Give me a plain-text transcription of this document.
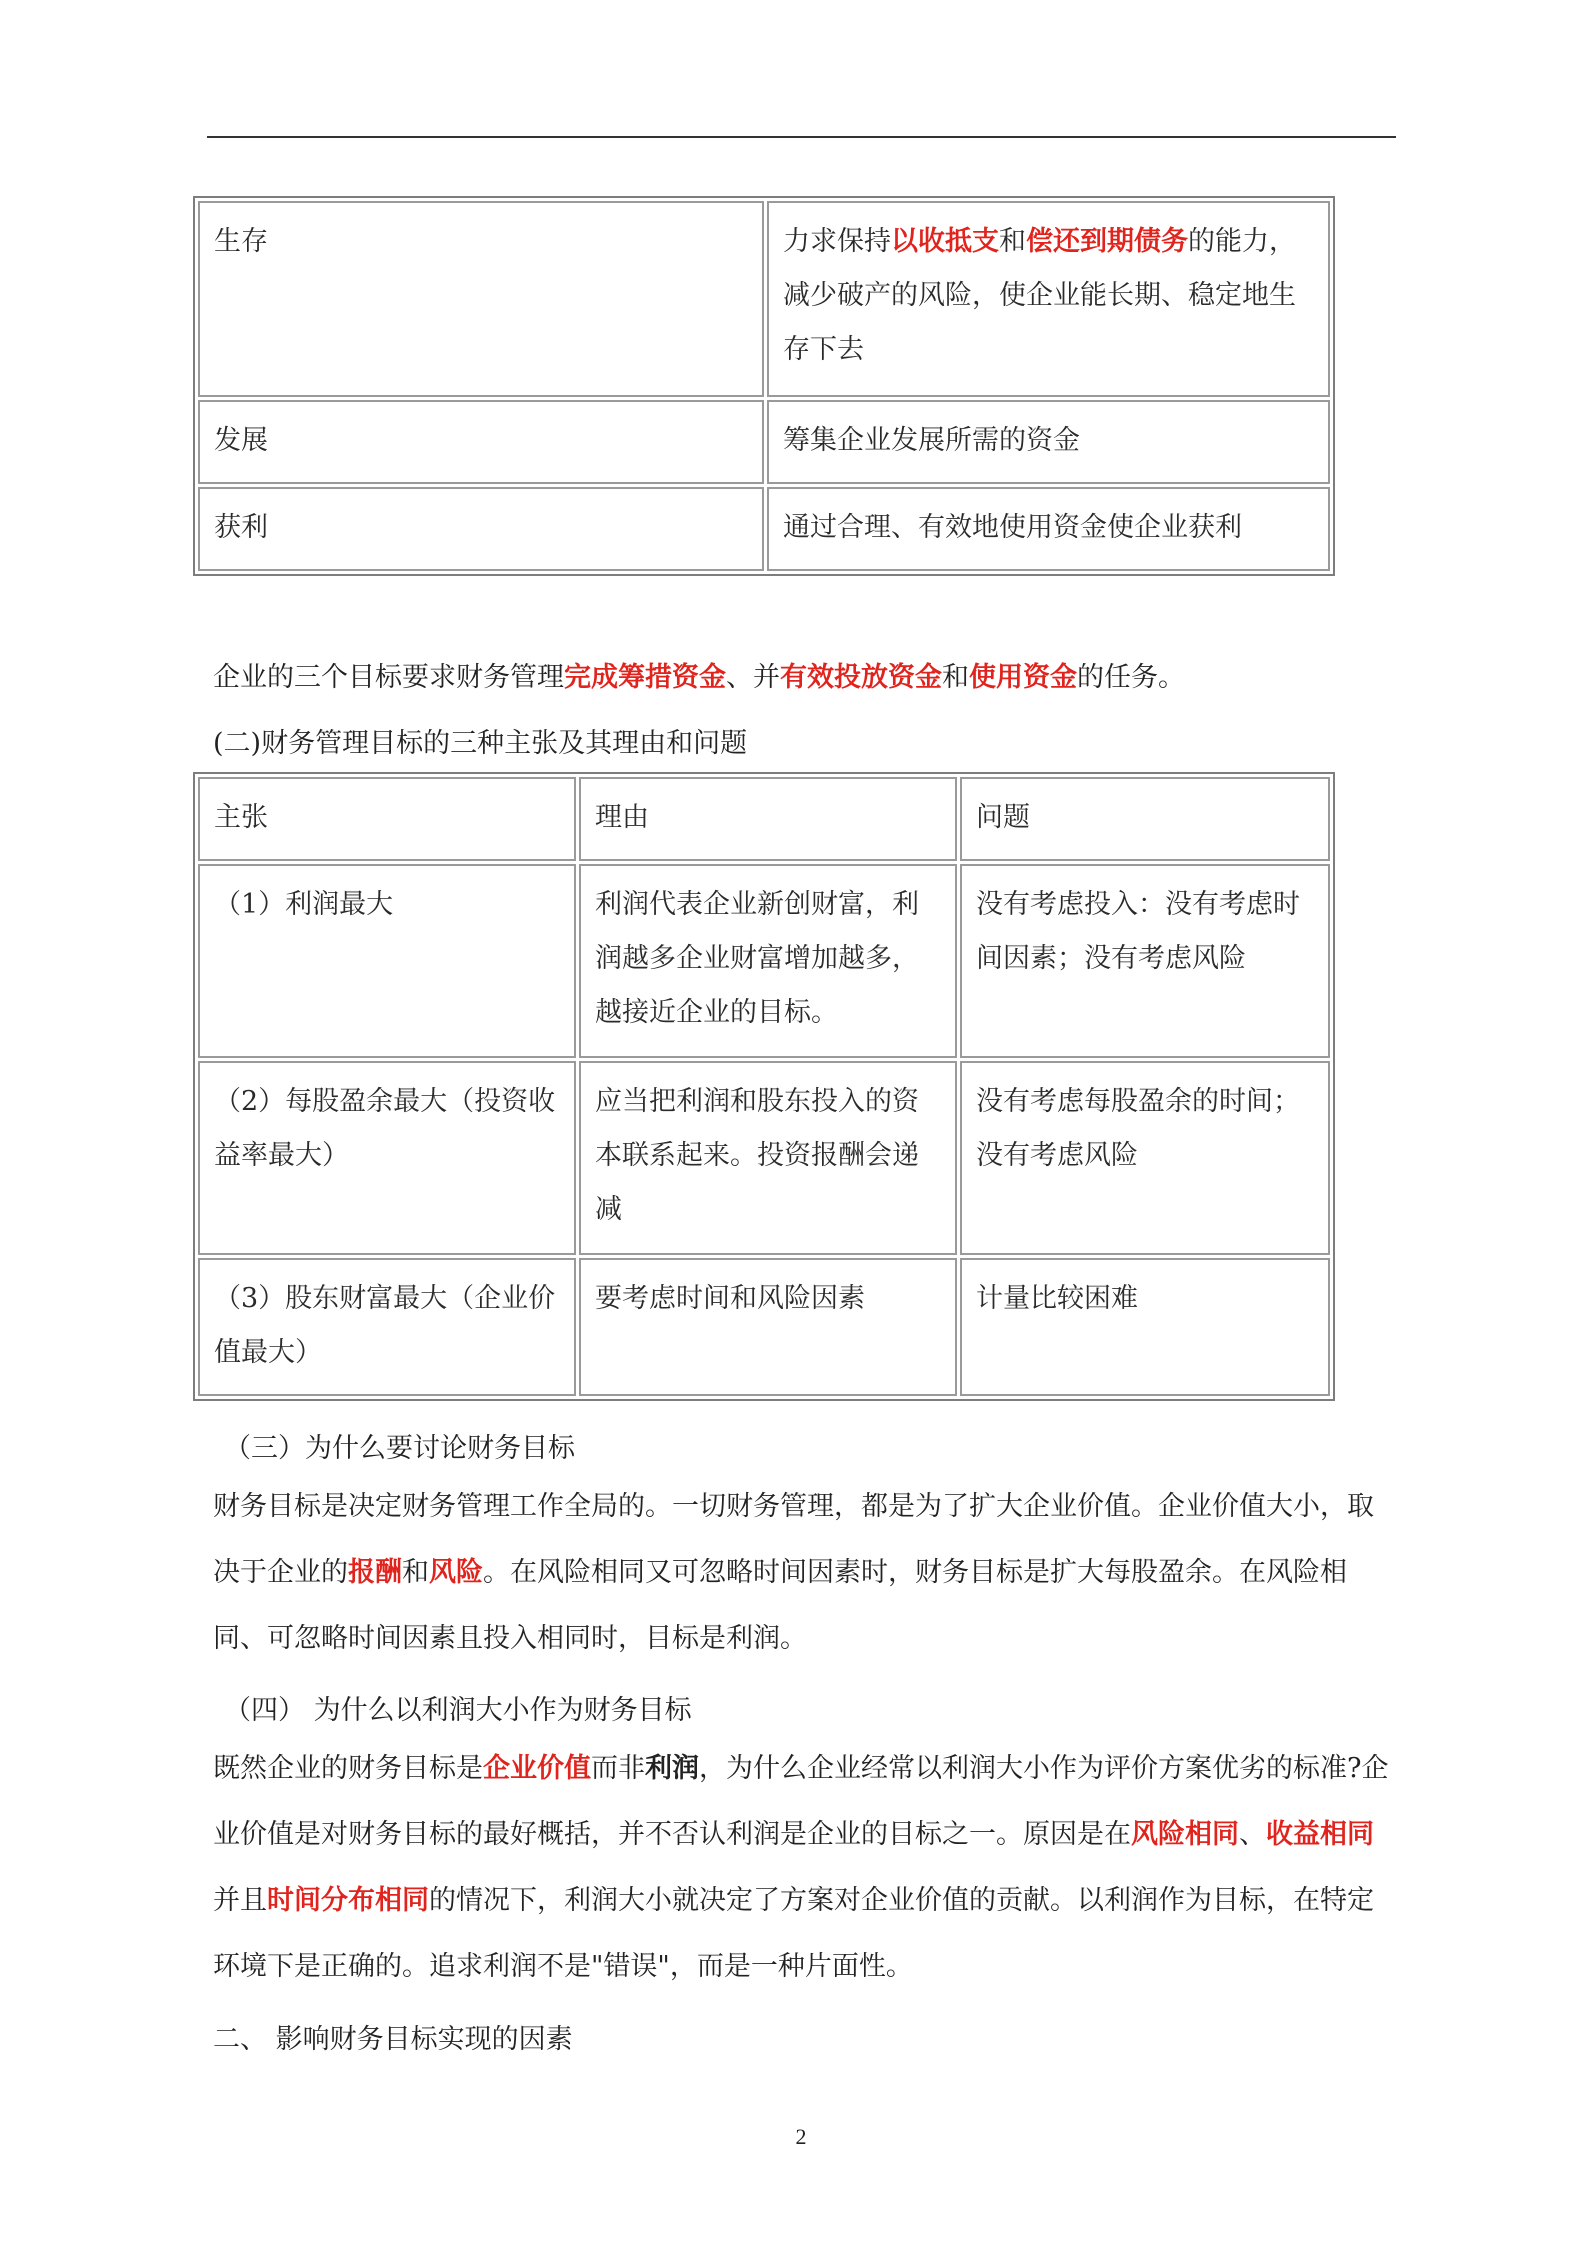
生存	力求保持以收抵支和偿还到期债务的能力，减少破产的风险，使企业能长期、稳定地生存下去
发展	筹集企业发展所需的资金
获利	通过合理、有效地使用资金使企业获利
企业的三个目标要求财务管理完成筹措资金、并有效投放资金和使用资金的任务。
(二)财务管理目标的三种主张及其理由和问题
主张	理由	问题
（1）利润最大	利润代表企业新创财富，利润越多企业财富增加越多，越接近企业的目标。	没有考虑投入：没有考虑时间因素；没有考虑风险
（2）每股盈余最大（投资收益率最大）	应当把利润和股东投入的资本联系起来。投资报酬会递减	没有考虑每股盈余的时间；没有考虑风险
（3）股东财富最大（企业价值最大）	要考虑时间和风险因素	计量比较困难
（三）为什么要讨论财务目标
财务目标是决定财务管理工作全局的。一切财务管理，都是为了扩大企业价值。企业价值大小，取决于企业的报酬和风险。在风险相同又可忽略时间因素时，财务目标是扩大每股盈余。在风险相同、可忽略时间因素且投入相同时，目标是利润。
（四） 为什么以利润大小作为财务目标
既然企业的财务目标是企业价值而非利润，为什么企业经常以利润大小作为评价方案优劣的标准?企业价值是对财务目标的最好概括，并不否认利润是企业的目标之一。原因是在风险相同、收益相同并且时间分布相同的情况下，利润大小就决定了方案对企业价值的贡献。以利润作为目标，在特定环境下是正确的。追求利润不是"错误"，而是一种片面性。
二、 影响财务目标实现的因素
2
